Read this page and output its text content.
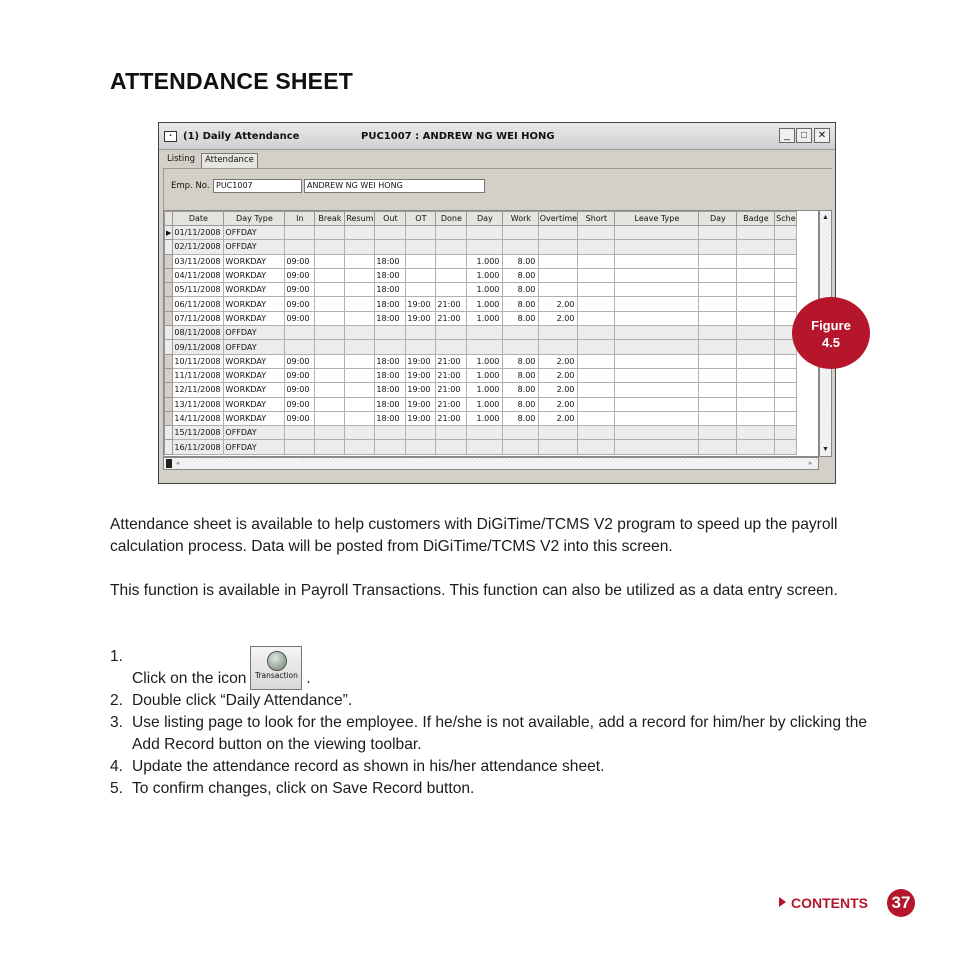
ATTENDANCE SHEET
▪	(1) Daily Attendance	PUC1007 : ANDREW NG WEI HONG	_	□	✕
Listing	Attendance
Emp. No. PUC1007	ANDREW NG WEI HONG
	Date	Day Type	In	Break	Resum	Out	OT	Done	Day	Work	Overtime	Short	Leave Type	Day	Badge	Sche
▶	01/11/2008	OFFDAY														
	02/11/2008	OFFDAY														
	03/11/2008	WORKDAY	09:00			18:00			1.000	8.00						
	04/11/2008	WORKDAY	09:00			18:00			1.000	8.00						
	05/11/2008	WORKDAY	09:00			18:00			1.000	8.00						
	06/11/2008	WORKDAY	09:00			18:00	19:00	21:00	1.000	8.00	2.00					
	07/11/2008	WORKDAY	09:00			18:00	19:00	21:00	1.000	8.00	2.00					
	08/11/2008	OFFDAY														
	09/11/2008	OFFDAY														
	10/11/2008	WORKDAY	09:00			18:00	19:00	21:00	1.000	8.00	2.00					
	11/11/2008	WORKDAY	09:00			18:00	19:00	21:00	1.000	8.00	2.00					
	12/11/2008	WORKDAY	09:00			18:00	19:00	21:00	1.000	8.00	2.00					
	13/11/2008	WORKDAY	09:00			18:00	19:00	21:00	1.000	8.00	2.00					
	14/11/2008	WORKDAY	09:00			18:00	19:00	21:00	1.000	8.00	2.00					
	15/11/2008	OFFDAY														
	16/11/2008	OFFDAY														
▲
▼
◂	▸
Figure
4.5

Attendance sheet is available to help customers with DiGiTime/TCMS V2 program to speed up the payroll calculation process. Data will be posted from DiGiTime/TCMS V2 into this screen.

This function is available in Payroll Transactions. This function can also be utilized as a data entry screen.

1.
Click on the icon	Transaction .
2. Double click “Daily Attendance”.
3. Use listing page to look for the employee. If he/she is not available, add a record for him/her by clicking the Add Record button on the viewing toolbar.
4. Update the attendance record as shown in his/her attendance sheet.
5. To confirm changes, click on Save Record button.
CONTENTS 37
